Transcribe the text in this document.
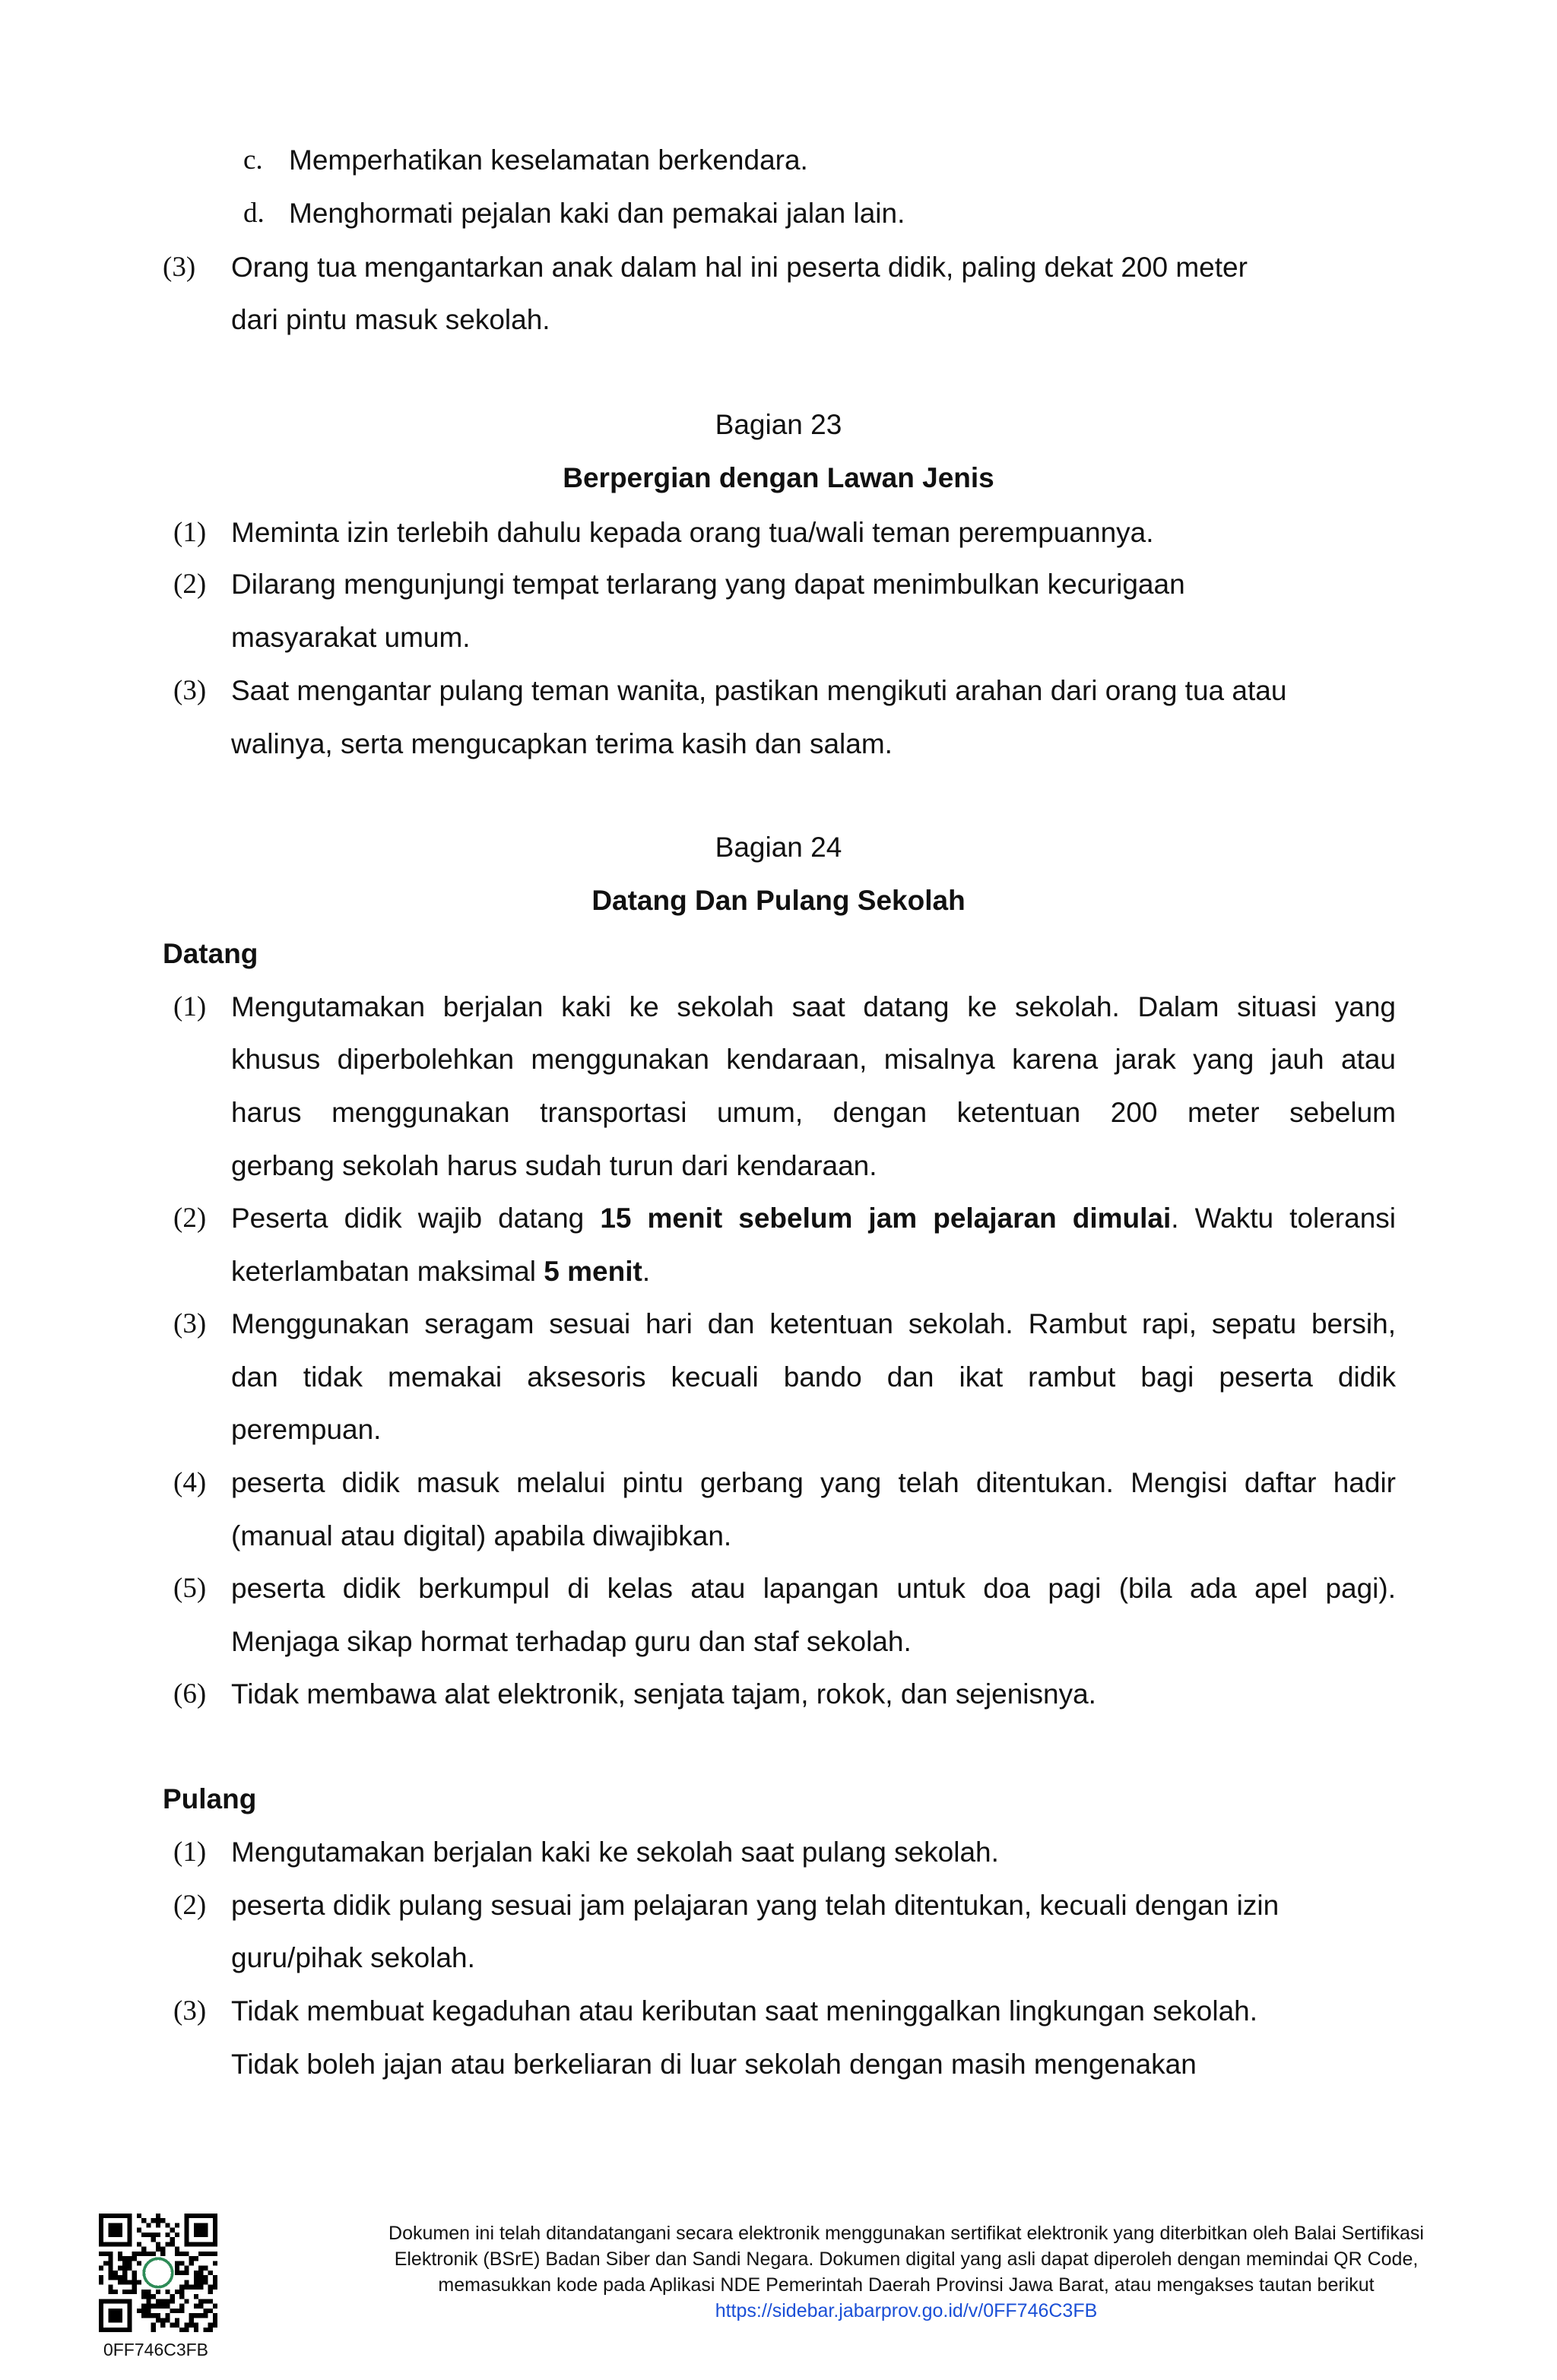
c. Memperhatikan keselamatan berkendara.
d. Menghormati pejalan kaki dan pemakai jalan lain.
(3) Orang tua mengantarkan anak dalam hal ini peserta didik, paling dekat 200 meter
dari pintu masuk sekolah.
Bagian 23
Berpergian dengan Lawan Jenis
(1) Meminta izin terlebih dahulu kepada orang tua/wali teman perempuannya.
(2) Dilarang mengunjungi tempat terlarang yang dapat menimbulkan kecurigaan
masyarakat umum.
(3) Saat mengantar pulang teman wanita, pastikan mengikuti arahan dari orang tua atau
walinya, serta mengucapkan terima kasih dan salam.
Bagian 24
Datang Dan Pulang Sekolah
Datang
(1) Mengutamakan berjalan kaki ke sekolah saat datang ke sekolah. Dalam situasi yang
khusus diperbolehkan menggunakan kendaraan, misalnya karena jarak yang jauh atau
harus menggunakan transportasi umum, dengan ketentuan 200 meter sebelum
gerbang sekolah harus sudah turun dari kendaraan.
(2) Peserta didik wajib datang 15 menit sebelum jam pelajaran dimulai. Waktu toleransi
keterlambatan maksimal 5 menit.
(3) Menggunakan seragam sesuai hari dan ketentuan sekolah. Rambut rapi, sepatu bersih,
dan tidak memakai aksesoris kecuali bando dan ikat rambut bagi peserta didik
perempuan.
(4) peserta didik masuk melalui pintu gerbang yang telah ditentukan. Mengisi daftar hadir
(manual atau digital) apabila diwajibkan.
(5) peserta didik berkumpul di kelas atau lapangan untuk doa pagi (bila ada apel pagi).
Menjaga sikap hormat terhadap guru dan staf sekolah.
(6) Tidak membawa alat elektronik, senjata tajam, rokok, dan sejenisnya.
Pulang
(1) Mengutamakan berjalan kaki ke sekolah saat pulang sekolah.
(2) peserta didik pulang sesuai jam pelajaran yang telah ditentukan, kecuali dengan izin
guru/pihak sekolah.
(3) Tidak membuat kegaduhan atau keributan saat meninggalkan lingkungan sekolah.
Tidak boleh jajan atau berkeliaran di luar sekolah dengan masih mengenakan
0FF746C3FB
Dokumen ini telah ditandatangani secara elektronik menggunakan sertifikat elektronik yang diterbitkan oleh Balai Sertifikasi
Elektronik (BSrE) Badan Siber dan Sandi Negara. Dokumen digital yang asli dapat diperoleh dengan memindai QR Code,
memasukkan kode pada Aplikasi NDE Pemerintah Daerah Provinsi Jawa Barat, atau mengakses tautan berikut
https://sidebar.jabarprov.go.id/v/0FF746C3FB
